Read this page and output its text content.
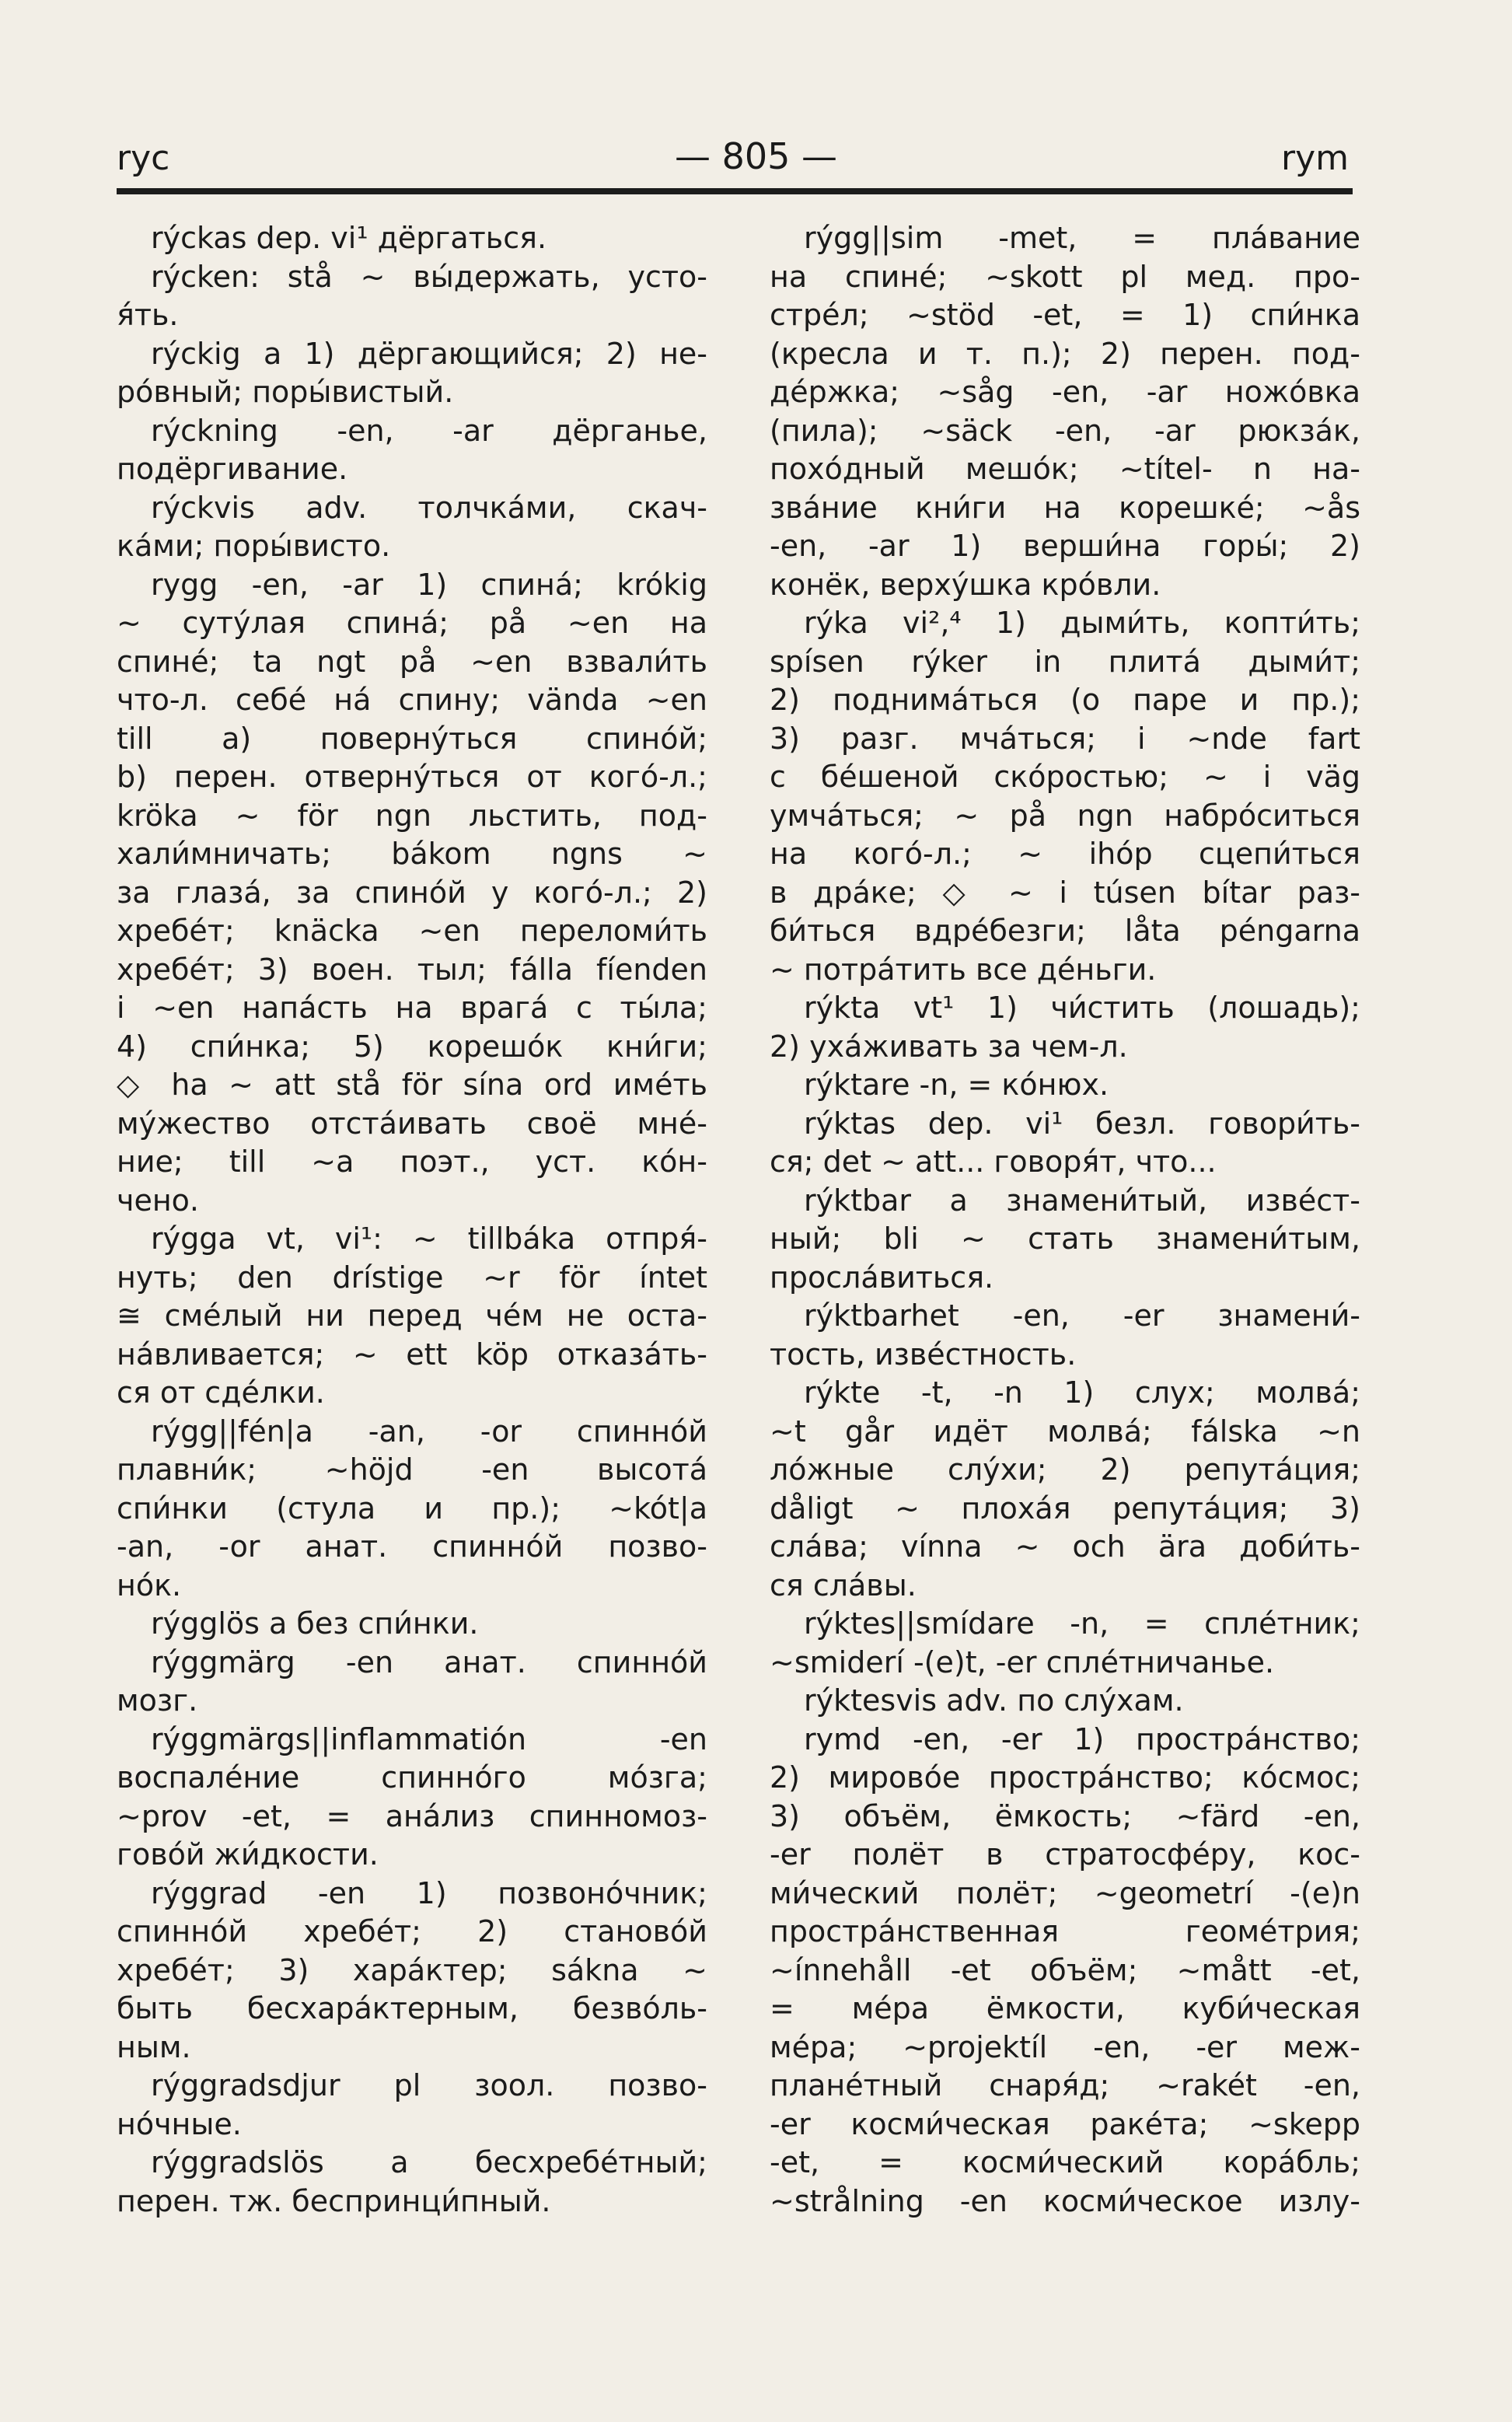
ryc	— 805 —	rym
rýckas dep. vi¹ дёргаться.
rýcken: stå ~ вы́держать, усто-
я́ть.
rýckig a 1) дёргающийся; 2) не-
ро́вный; поры́вистый.
rýckning -en, -ar дёрганье,
подёргивание.
rýckvis adv. толчка́ми, скач-
ка́ми; поры́висто.
rygg -en, -ar 1) спина́; krókig
~ суту́лая спина́; på ~en на
спине́; ta ngt på ~en взвали́ть
что-л. себе́ на́ спину; vända ~en
till a) поверну́ться спино́й;
b) перен. отверну́ться от кого́-л.;
kröka ~ för ngn льстить, под-
хали́мничать; bákom ngns ~
за глаза́, за спино́й у кого́-л.; 2)
хребе́т; knäcka ~en переломи́ть
хребе́т; 3) воен. тыл; fálla fíenden
i ~en напа́сть на врага́ с ты́ла;
4) спи́нка; 5) корешо́к кни́ги;
◇ ha ~ att stå för sína ord име́ть
му́жество отста́ивать своё мне́-
ние; till ~a поэт., уст. ко́н-
чено.
rýgga vt, vi¹: ~ tillbáka отпря́-
нуть; den drístige ~r för íntet
≅ сме́лый ни перед че́м не оста-
на́вливается; ~ ett köp отказа́ть-
ся от сде́лки.
rýgg||fén|a -an, -or спинно́й
плавни́к; ~höjd -en высота́
спи́нки (стула и пр.); ~kót|a
-an, -or анат. спинно́й позво-
но́к.
rýgglös a без спи́нки.
rýggmärg -en анат. спинно́й
мозг.
rýggmärgs||inflammatión -en
воспале́ние спинно́го мо́зга;
~prov -et, = ана́лиз спинномоз-
гово́й жи́дкости.
rýggrad -en 1) позвоно́чник;
спинно́й хребе́т; 2) станово́й
хребе́т; 3) хара́ктер; sákna ~
быть бесхара́ктерным, безво́ль-
ным.
rýggradsdjur pl зоол. позво-
но́чные.
rýggradslös a бесхребе́тный;
перен. тж. беспринци́пный.
rýgg||sim -met, = пла́вание
на спине́; ~skott pl мед. про-
стре́л; ~stöd -et, = 1) спи́нка
(кресла и т. п.); 2) перен. под-
де́ржка; ~såg -en, -ar ножо́вка
(пила); ~säck -en, -ar рюкза́к,
похо́дный мешо́к; ~títel- n на-
зва́ние кни́ги на корешке́; ~ås
-en, -ar 1) верши́на горы́; 2)
конёк, верху́шка кро́вли.
rýka vi²,⁴ 1) дыми́ть, копти́ть;
spísen rýker in плита́ дыми́т;
2) поднима́ться (о паре и пр.);
3) разг. мча́ться; i ~nde fart
с бе́шеной ско́ростью; ~ i väg
умча́ться; ~ på ngn набро́ситься
на кого́-л.; ~ ihóp сцепи́ться
в дра́ке; ◇ ~ i túsen bítar раз-
би́ться вдре́безги; låta péngarna
~ потра́тить все де́ньги.
rýkta vt¹ 1) чи́стить (лошадь);
2) уха́живать за чем-л.
rýktare -n, = ко́нюх.
rýktas dep. vi¹ безл. говори́ть-
ся; det ~ att... говоря́т, что...
rýktbar a знамени́тый, изве́ст-
ный; bli ~ стать знамени́тым,
просла́виться.
rýktbarhet -en, -er знамени́-
тость, изве́стность.
rýkte -t, -n 1) слух; молва́;
~t går идёт молва́; fálska ~n
ло́жные слу́хи; 2) репута́ция;
dåligt ~ плоха́я репута́ция; 3)
сла́ва; vínna ~ och ära доби́ть-
ся сла́вы.
rýktes||smídare -n, = спле́тник;
~smiderí -(e)t, -er спле́тничанье.
rýktesvis adv. по слу́хам.
rymd -en, -er 1) простра́нство;
2) мирово́е простра́нство; ко́смос;
3) объём, ёмкость; ~färd -en,
-er полёт в стратосфе́ру, кос-
ми́ческий полёт; ~geometrí -(e)n
простра́нственная геоме́трия;
~ínnehåll -et объём; ~mått -et,
= ме́ра ёмкости, куби́ческая
ме́ра; ~projektíl -en, -er меж-
планéтный снаря́д; ~rakét -en,
-er косми́ческая раке́та; ~skepp
-et, = косми́ческий кора́бль;
~strålning -en косми́ческое излу-
